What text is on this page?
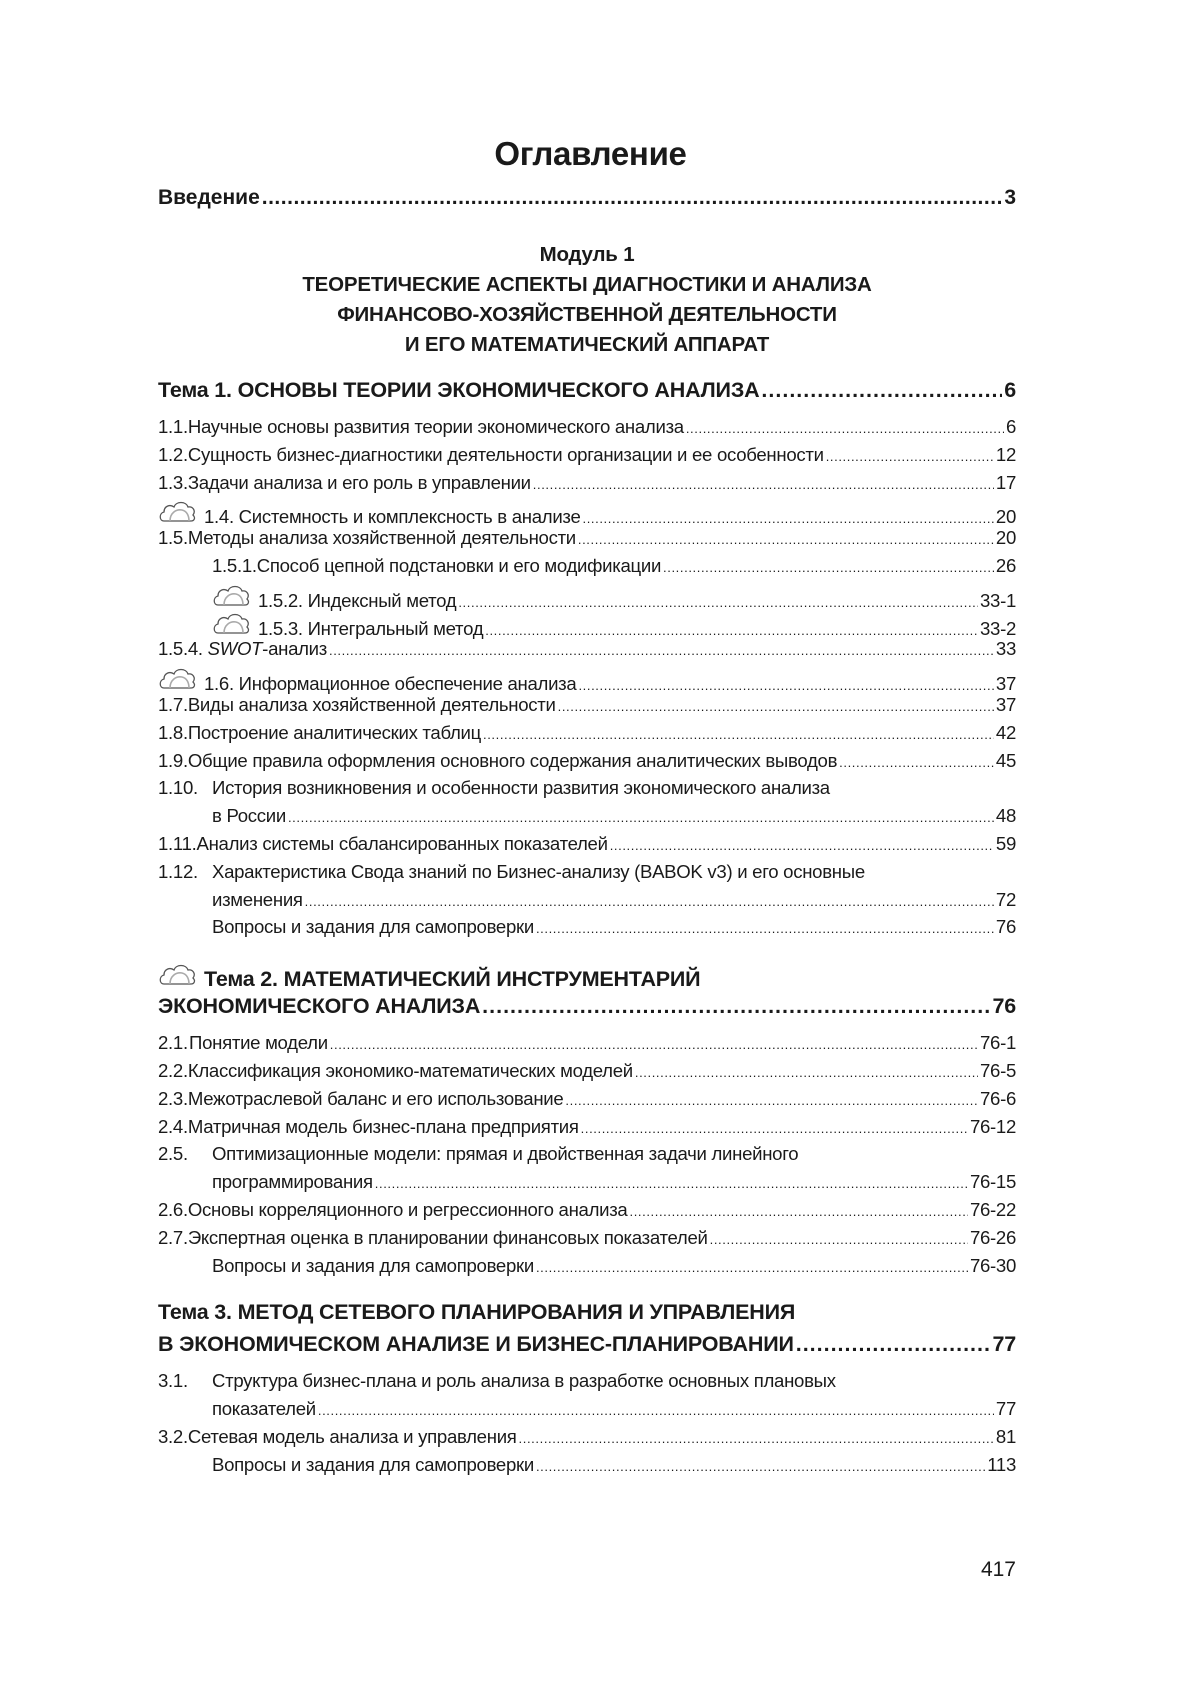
Оглавление
Введение .....	3
Модуль 1
ТЕОРЕТИЧЕСКИЕ АСПЕКТЫ ДИАГНОСТИКИ И АНАЛИЗА
ФИНАНСОВО-ХОЗЯЙСТВЕННОЙ ДЕЯТЕЛЬНОСТИ
И ЕГО МАТЕМАТИЧЕСКИЙ АППАРАТ
Тема 1. ОСНОВЫ ТЕОРИИ ЭКОНОМИЧЕСКОГО АНАЛИЗА .....	6
1.1. Научные основы развития теории экономического анализа .....	6
1.2. Сущность бизнес-диагностики деятельности организации и ее особенности .....	12
1.3. Задачи анализа и его роль в управлении .....	17
1.4. Системность и комплексность в анализе .....	20
1.5. Методы анализа хозяйственной деятельности .....	20
1.5.1. Способ цепной подстановки и его модификации .....	26
1.5.2. Индексный метод .....	33-1
1.5.3. Интегральный метод .....	33-2
1.5.4. SWOT-анализ .....	33
1.6. Информационное обеспечение анализа .....	37
1.7. Виды анализа хозяйственной деятельности .....	37
1.8. Построение аналитических таблиц .....	42
1.9. Общие правила оформления основного содержания аналитических выводов .....	45
1.10. История возникновения и особенности развития экономического анализа
в России .....	48
1.11. Анализ системы сбалансированных показателей .....	59
1.12. Характеристика Свода знаний по Бизнес-анализу (BABOK v3) и его основные
изменения .....	72
Вопросы и задания для самопроверки .....	76
Тема 2. МАТЕМАТИЧЕСКИЙ ИНСТРУМЕНТАРИЙ
ЭКОНОМИЧЕСКОГО АНАЛИЗА .....	76
2.1. Понятие модели .....	76-1
2.2. Классификация экономико-математических моделей .....	76-5
2.3. Межотраслевой баланс и его использование .....	76-6
2.4. Матричная модель бизнес-плана предприятия .....	76-12
2.5.	Оптимизационные модели: прямая и двойственная задачи линейного
программирования .....	76-15
2.6. Основы корреляционного и регрессионного анализа .....	76-22
2.7. Экспертная оценка в планировании финансовых показателей .....	76-26
Вопросы и задания для самопроверки .....	76-30
Тема 3. МЕТОД СЕТЕВОГО ПЛАНИРОВАНИЯ И УПРАВЛЕНИЯ
В ЭКОНОМИЧЕСКОМ АНАЛИЗЕ И БИЗНЕС-ПЛАНИРОВАНИИ .....	77
3.1.	Структура бизнес-плана и роль анализа в разработке основных плановых
показателей .....	77
3.2. Сетевая модель анализа и управления .....	81
Вопросы и задания для самопроверки .....	113
417
